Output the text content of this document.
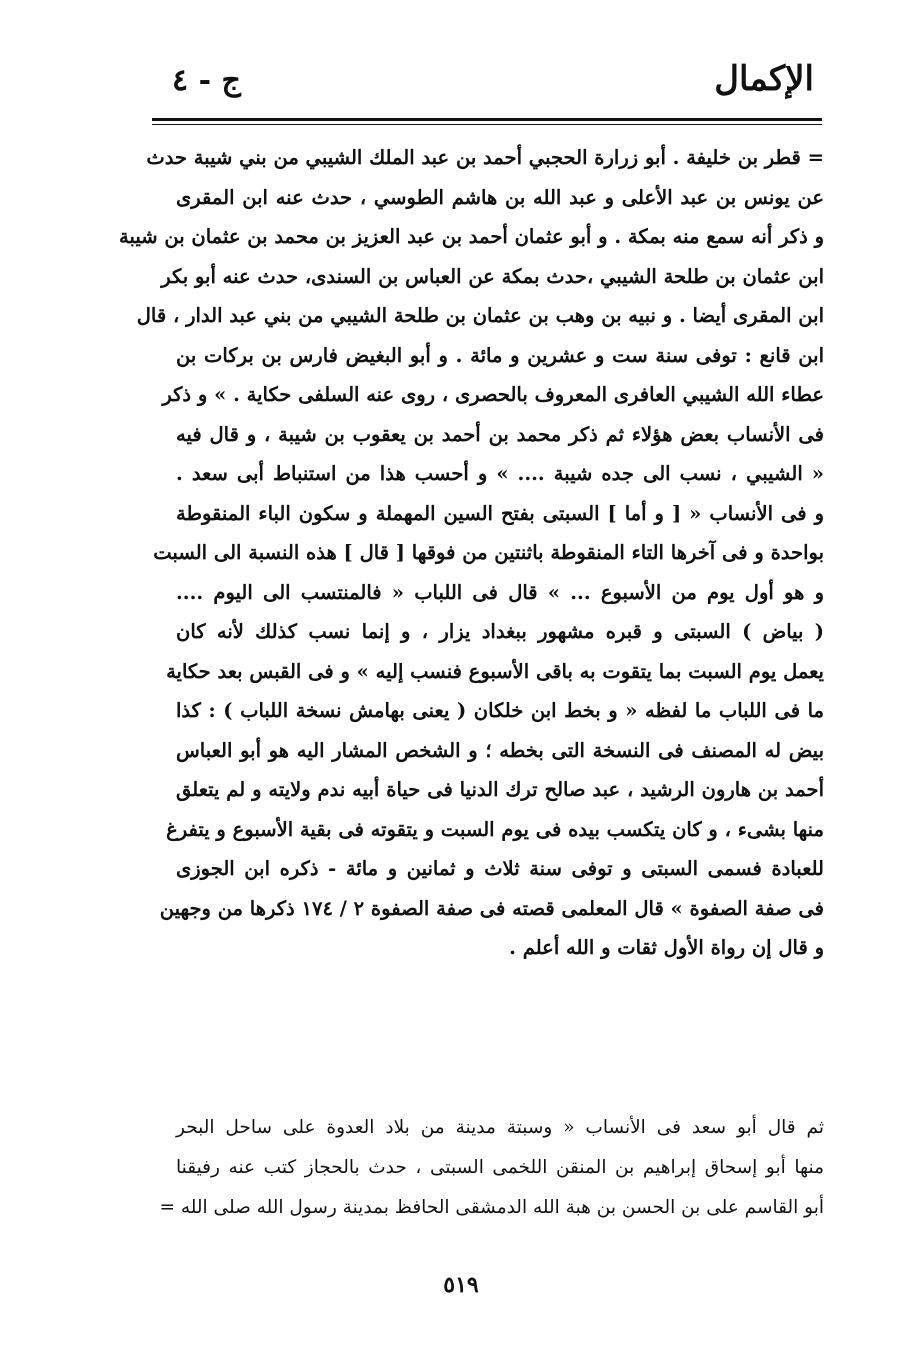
الإكمال
ج - ٤
= قطر بن خليفة . أبو زرارة الحجبي أحمد بن عبد الملك الشيبي من بني شيبة حدث
عن يونس بن عبد الأعلى و عبد الله بن هاشم الطوسي ، حدث عنه ابن المقرى
و ذكر أنه سمع منه بمكة . و أبو عثمان أحمد بن عبد العزيز بن محمد بن عثمان بن شيبة
ابن عثمان بن طلحة الشيبي ،حدث بمكة عن العباس بن السندى، حدث عنه أبو بكر
ابن المقرى أيضا . و نبيه بن وهب بن عثمان بن طلحة الشيبي من بني عبد الدار ، قال
ابن قانع : توفى سنة ست و عشرين و مائة . و أبو البغيض فارس بن بركات بن
عطاء الله الشيبي العافرى المعروف بالحصرى ، روى عنه السلفى حكاية . » و ذكر
فى الأنساب بعض هؤلاء ثم ذكر محمد بن أحمد بن يعقوب بن شيبة ، و قال فيه
« الشيبي ، نسب الى جده شيبة .... » و أحسب هذا من استنباط أبى سعد .
و فى الأنساب « [ و أما ] السبتى بفتح السين المهملة و سكون الباء المنقوطة
بواحدة و فى آخرها التاء المنقوطة باثنتين من فوقها [ قال ] هذه النسبة الى السبت
و هو أول يوم من الأسبوع ... » قال فى اللباب « فالمنتسب الى اليوم ....
( بياض ) السبتى و قبره مشهور ببغداد يزار ، و إنما نسب كذلك لأنه كان
يعمل يوم السبت بما يتقوت به باقى الأسبوع فنسب إليه » و فى القبس بعد حكاية
ما فى اللباب ما لفظه « و بخط ابن خلكان ( يعنى بهامش نسخة اللباب ) : كذا
بيض له المصنف فى النسخة التى بخطه ؛ و الشخص المشار اليه هو أبو العباس
أحمد بن هارون الرشيد ، عبد صالح ترك الدنيا فى حياة أبيه ندم ولايته و لم يتعلق
منها بشىء ، و كان يتكسب بيده فى يوم السبت و يتقوته فى بقية الأسبوع و يتفرغ
للعبادة فسمى السبتى و توفى سنة ثلاث و ثمانين و مائة - ذكره ابن الجوزى
فى صفة الصفوة » قال المعلمى قصته فى صفة الصفوة ٢ / ١٧٤ ذكرها من وجهين
و قال إن رواة الأول ثقات و الله أعلم .
ثم قال أبو سعد فى الأنساب « وسبتة مدينة من بلاد العدوة على ساحل البحر
منها أبو إسحاق إبراهيم بن المنقن اللخمى السبتى ، حدث بالحجاز كتب عنه رفيقنا
أبو القاسم على بن الحسن بن هبة الله الدمشقى الحافظ بمدينة رسول الله صلى الله =
٥١٩
